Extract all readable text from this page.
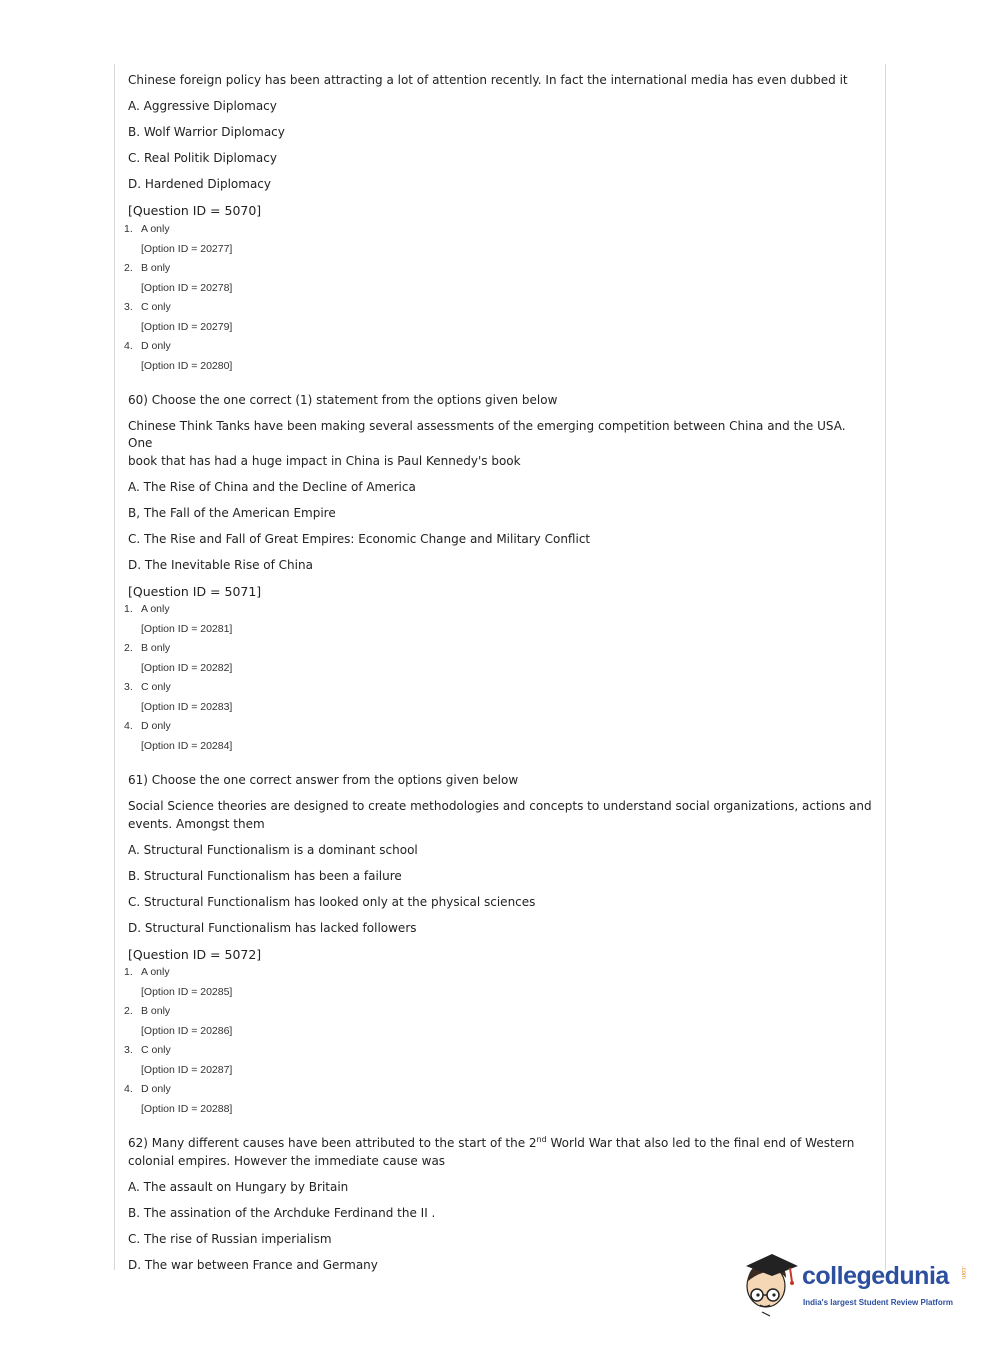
Chinese foreign policy has been attracting a lot of attention recently. In fact the international media has even dubbed it
A. Aggressive Diplomacy
B. Wolf Warrior Diplomacy
C. Real Politik Diplomacy
D. Hardened Diplomacy
[Question ID = 5070]
1. A only
[Option ID = 20277]
2. B only
[Option ID = 20278]
3. C only
[Option ID = 20279]
4. D only
[Option ID = 20280]
60) Choose the one correct (1) statement from the options given below
Chinese Think Tanks have been making several assessments of the emerging competition between China and the USA. One
book that has had a huge impact in China is Paul Kennedy's book
A. The Rise of China and the Decline of America
B, The Fall of the American Empire
C. The Rise and Fall of Great Empires: Economic Change and Military Conflict
D. The Inevitable Rise of China
[Question ID = 5071]
1. A only
[Option ID = 20281]
2. B only
[Option ID = 20282]
3. C only
[Option ID = 20283]
4. D only
[Option ID = 20284]
61) Choose the one correct answer from the options given below
Social Science theories are designed to create methodologies and concepts to understand social organizations, actions and
events. Amongst them
A. Structural Functionalism is a dominant school
B. Structural Functionalism has been a failure
C. Structural Functionalism has looked only at the physical sciences
D. Structural Functionalism has lacked followers
[Question ID = 5072]
1. A only
[Option ID = 20285]
2. B only
[Option ID = 20286]
3. C only
[Option ID = 20287]
4. D only
[Option ID = 20288]
62) Many different causes have been attributed to the start of the 2nd World War that also led to the final end of Western
colonial empires. However the immediate cause was
A. The assault on Hungary by Britain
B. The assination of the Archduke Ferdinand the II .
C. The rise of Russian imperialism
D. The war between France and Germany	collegedunia .com
India's largest Student Review Platform
